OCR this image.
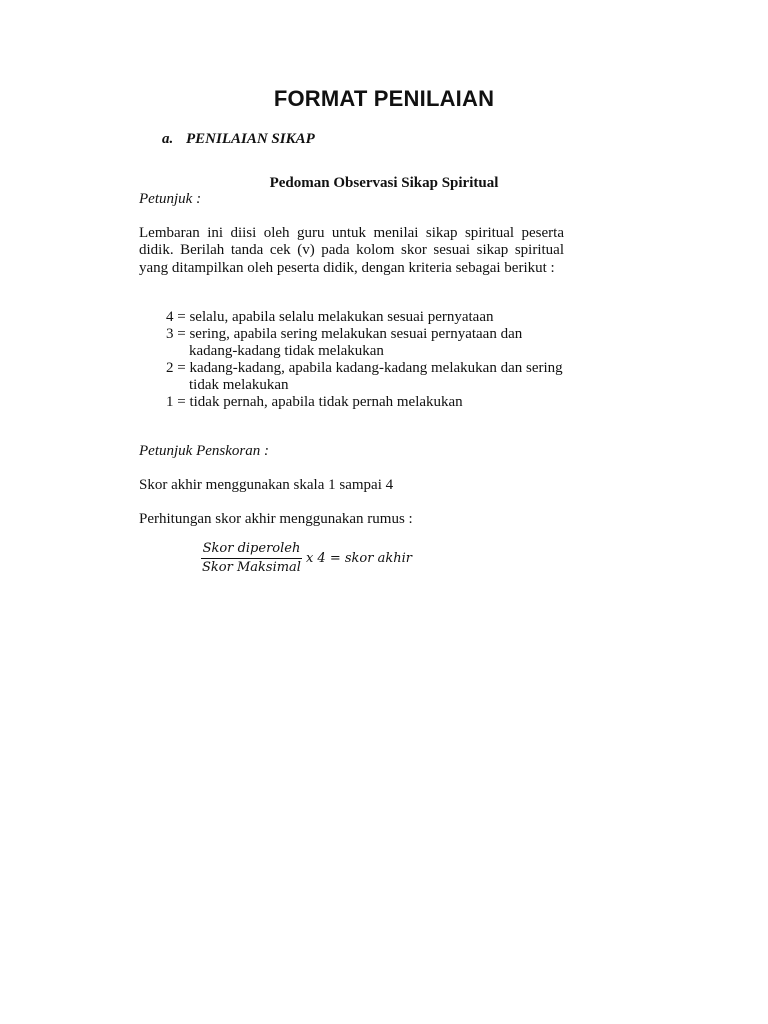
FORMAT PENILAIAN
a. PENILAIAN SIKAP
Pedoman Observasi Sikap Spiritual

Petunjuk :

Lembaran ini diisi oleh guru untuk menilai sikap spiritual peserta didik. Berilah tanda cek (v) pada kolom skor sesuai sikap spiritual yang ditampilkan oleh peserta didik, dengan kriteria sebagai berikut :

4 = selalu, apabila selalu melakukan sesuai pernyataan
3 = sering, apabila sering melakukan sesuai pernyataan dan kadang-kadang tidak melakukan
2 = kadang-kadang, apabila kadang-kadang melakukan dan sering tidak melakukan
1 = tidak pernah, apabila tidak pernah melakukan

Petunjuk Penskoran :

Skor akhir menggunakan skala 1 sampai 4

Perhitungan skor akhir menggunakan rumus :

$\frac{\text{Skor diperoleh}}{\text{Skor Maksimal}}$ x 4 = skor akhir
